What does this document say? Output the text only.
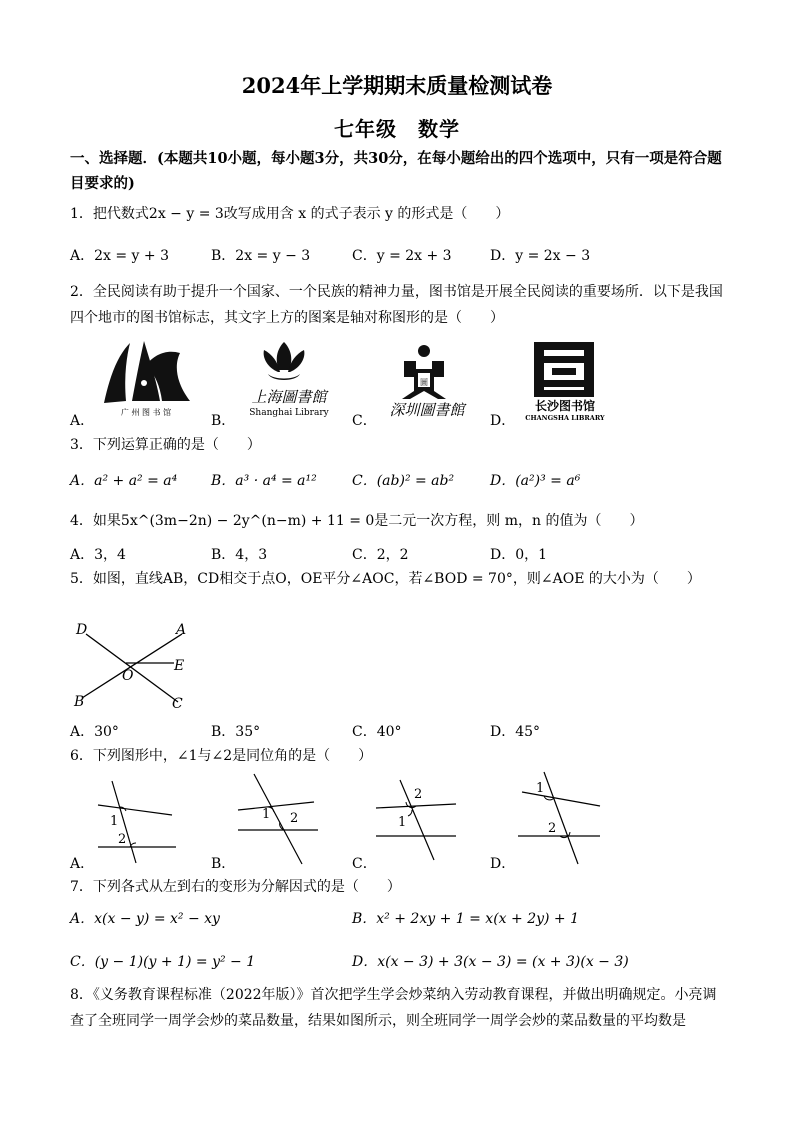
2024年上学期期末质量检测试卷
七年级　数学
一、选择题．(本题共10小题，每小题3分，共30分，在每小题给出的四个选项中，只有一项是符合题目要求的)
1．把代数式2x − y = 3改写成用含 x 的式子表示 y 的形式是（　　）
A．2x = y + 3	B．2x = y − 3	C．y = 2x + 3	D．y = 2x − 3
2．全民阅读有助于提升一个国家、一个民族的精神力量，图书馆是开展全民阅读的重要场所．以下是我国四个地市的图书馆标志，其文字上方的图案是轴对称图形的是（　　）
广 州 图 书 馆
上海圖書館
Shanghai Library
圖
深圳圖書館	长沙图书馆
CHANGSHA LIBRARY
A．	B．	C．	D．
3．下列运算正确的是（　　）
A．a² + a² = a⁴ B．a³ · a⁴ = a¹²	C．(ab)² = ab²	D．(a²)³ = a⁶
4．如果5x^(3m−2n) − 2y^(n−m) + 11 = 0是二元一次方程，则 m，n 的值为（　　）
A．3，4	B．4，3	C．2，2	D．0，1
5．如图，直线AB，CD相交于点O，OE平分∠AOC，若∠BOD = 70°，则∠AOE 的大小为（　　）
D	A
E
O
B	C
A．30°	B．35°	C．40°	D．45°
6．下列图形中，∠1与∠2是同位角的是（　　）
1
2
1 2
2
1
1
2
A．	B．	C．	D．
7．下列各式从左到右的变形为分解因式的是（　　）
A．x(x − y) = x² − xy	B．x² + 2xy + 1 = x(x + 2y) + 1
C．(y − 1)(y + 1) = y² − 1	D．x(x − 3) + 3(x − 3) = (x + 3)(x − 3)
8．《义务教育课程标准（2022年版）》首次把学生学会炒菜纳入劳动教育课程，并做出明确规定。小亮调查了全班同学一周学会炒的菜品数量，结果如图所示，则全班同学一周学会炒的菜品数量的平均数是
